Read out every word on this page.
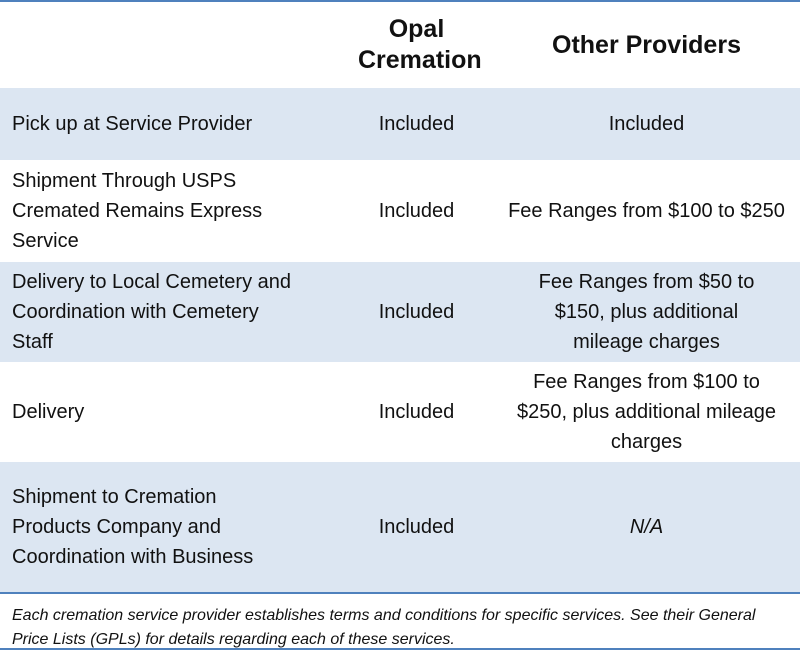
	Opal Cremation	Other Providers
Pick up at Service Provider	Included	Included
Shipment Through USPS Cremated Remains Express Service	Included	Fee Ranges from $100 to $250
Delivery to Local Cemetery and Coordination with Cemetery Staff	Included	Fee Ranges from $50 to $150, plus additional mileage charges
Delivery	Included	Fee Ranges from $100 to $250, plus additional mileage charges
Shipment to Cremation Products Company and Coordination with Business	Included	N/A
Each cremation service provider establishes terms and conditions for specific services. See their General Price Lists (GPLs) for details regarding each of these services.
